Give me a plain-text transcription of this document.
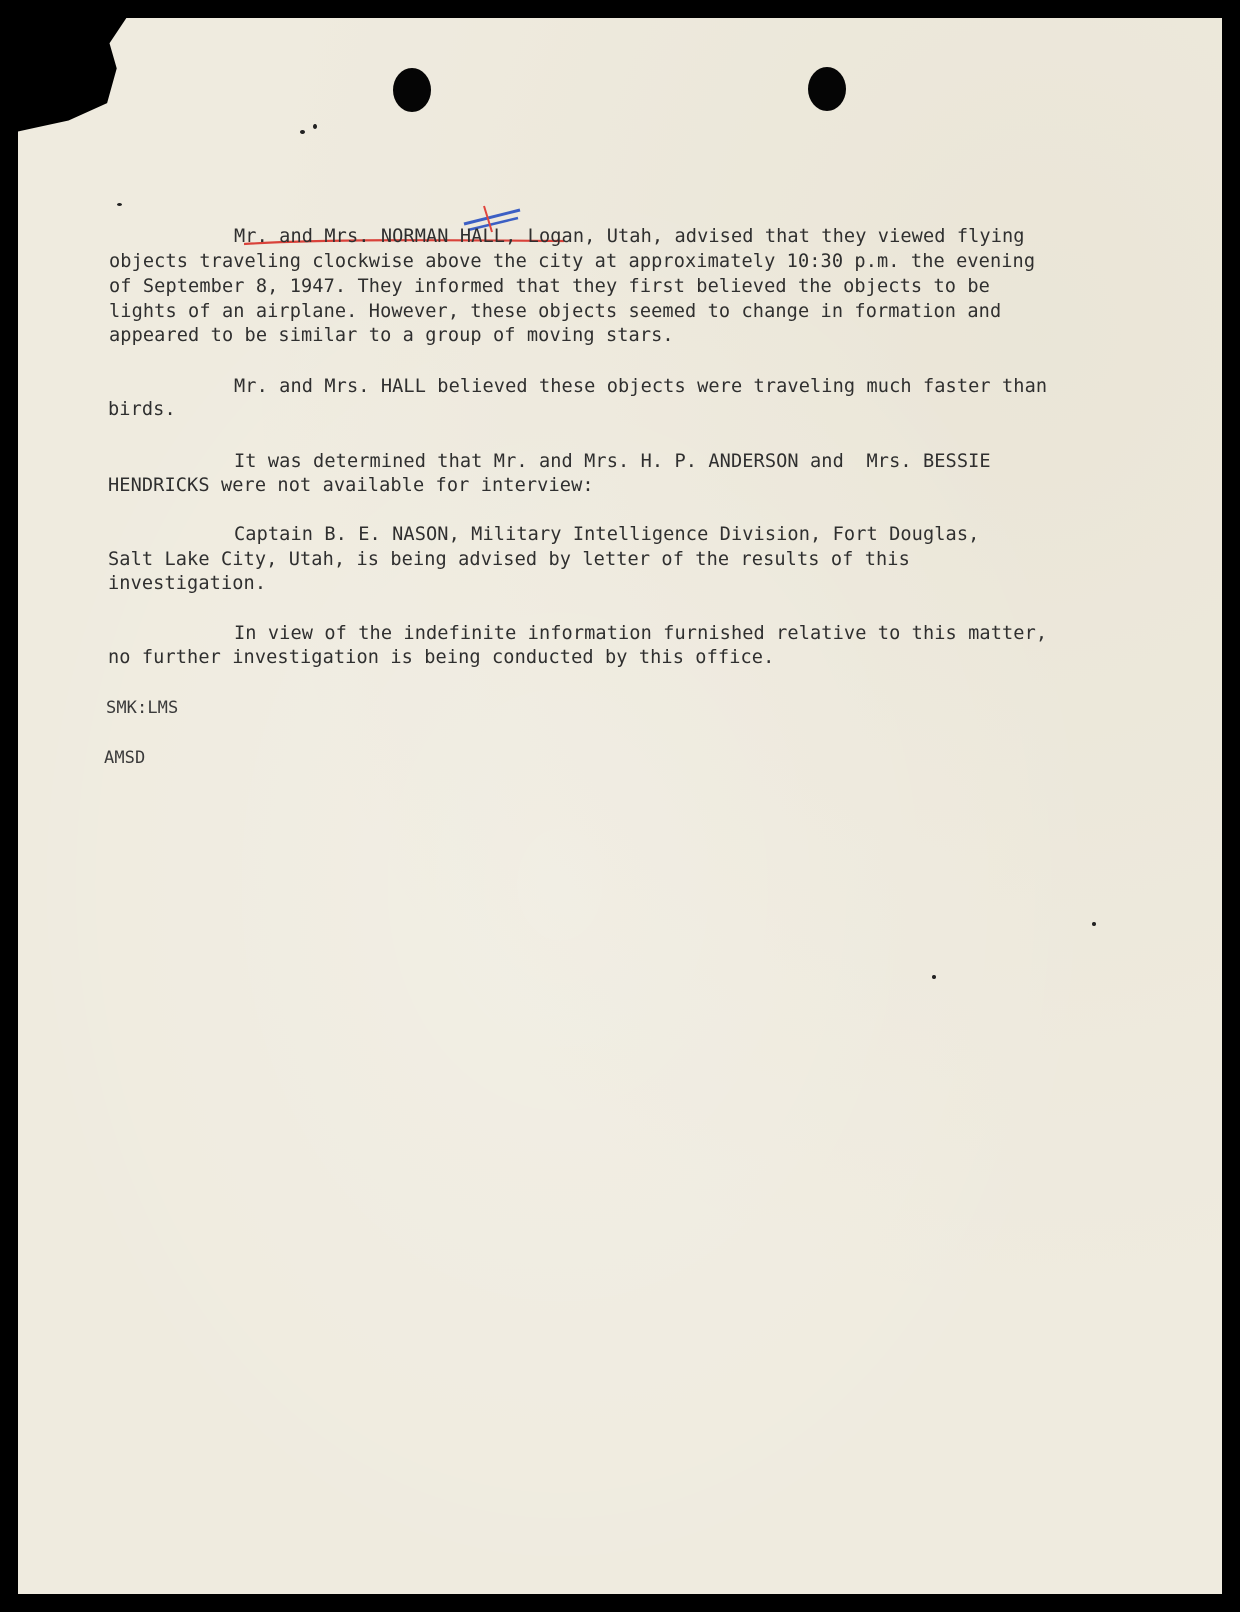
Mr. and Mrs. NORMAN HALL, Logan, Utah, advised that they viewed flying
objects traveling clockwise above the city at approximately 10:30 p.m. the evening
of September 8, 1947. They informed that they first believed the objects to be
lights of an airplane. However, these objects seemed to change in formation and
appeared to be similar to a group of moving stars.
Mr. and Mrs. HALL believed these objects were traveling much faster than
birds.
It was determined that Mr. and Mrs. H. P. ANDERSON and  Mrs. BESSIE
HENDRICKS were not available for interview:
Captain B. E. NASON, Military Intelligence Division, Fort Douglas,
Salt Lake City, Utah, is being advised by letter of the results of this
investigation.
In view of the indefinite information furnished relative to this matter,
no further investigation is being conducted by this office.
SMK:LMS
AMSD
